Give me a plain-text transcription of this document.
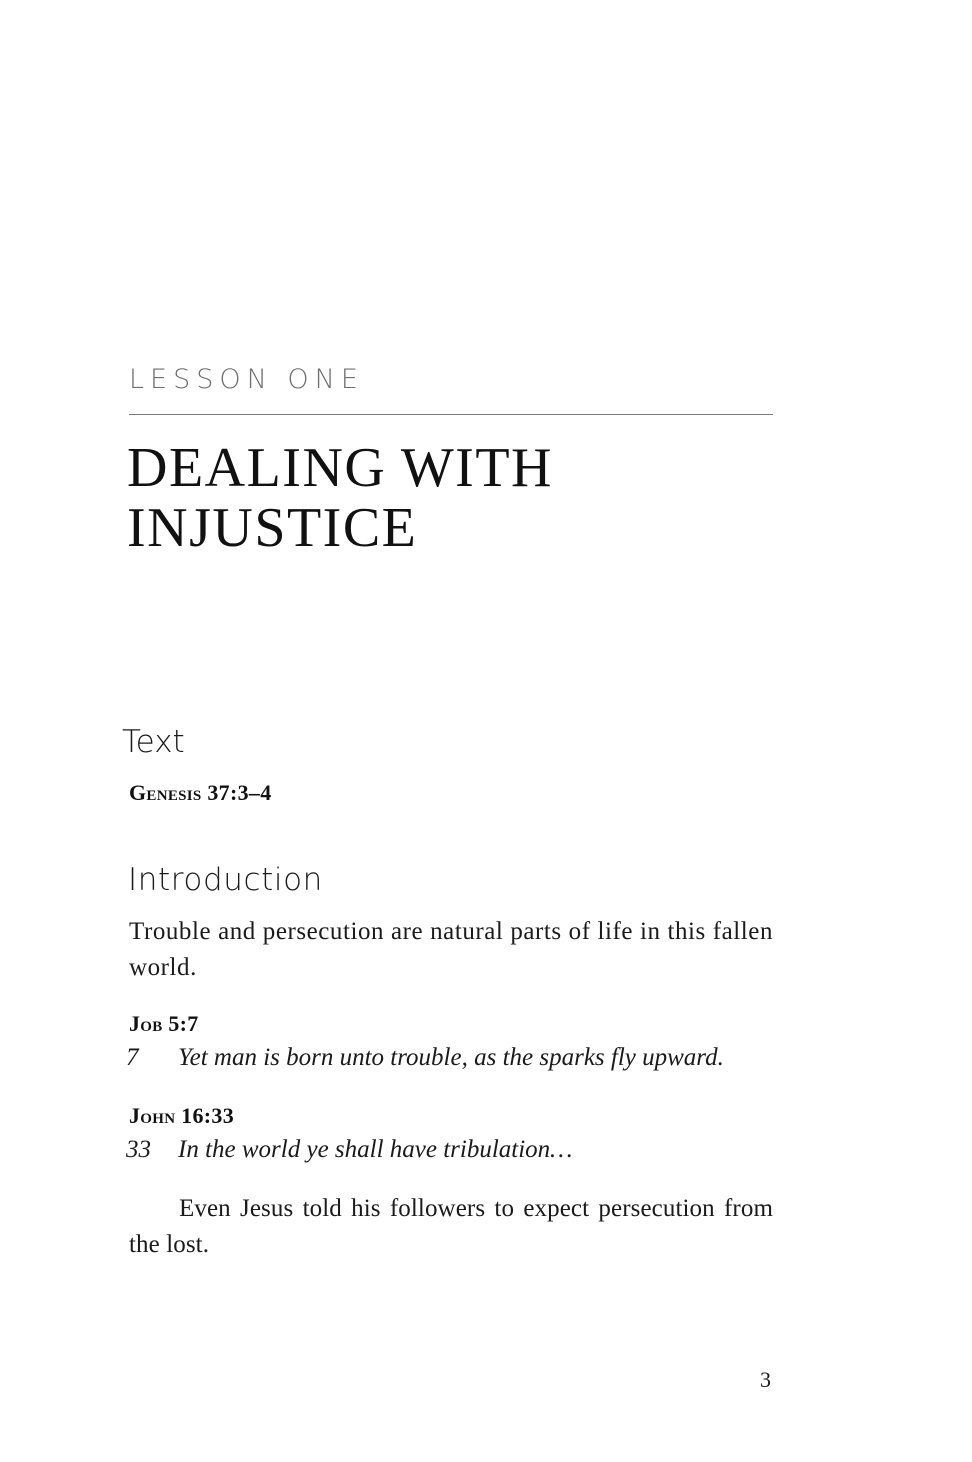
LESSON ONE
DEALING WITH
INJUSTICE
Text
Genesis 37:3–4
Introduction
Trouble and persecution are natural parts of life in this fallen world.
Job 5:7
7 Yet man is born unto trouble, as the sparks fly upward.
John 16:33
33 In the world ye shall have tribulation…
Even Jesus told his followers to expect persecution from the lost.
3
